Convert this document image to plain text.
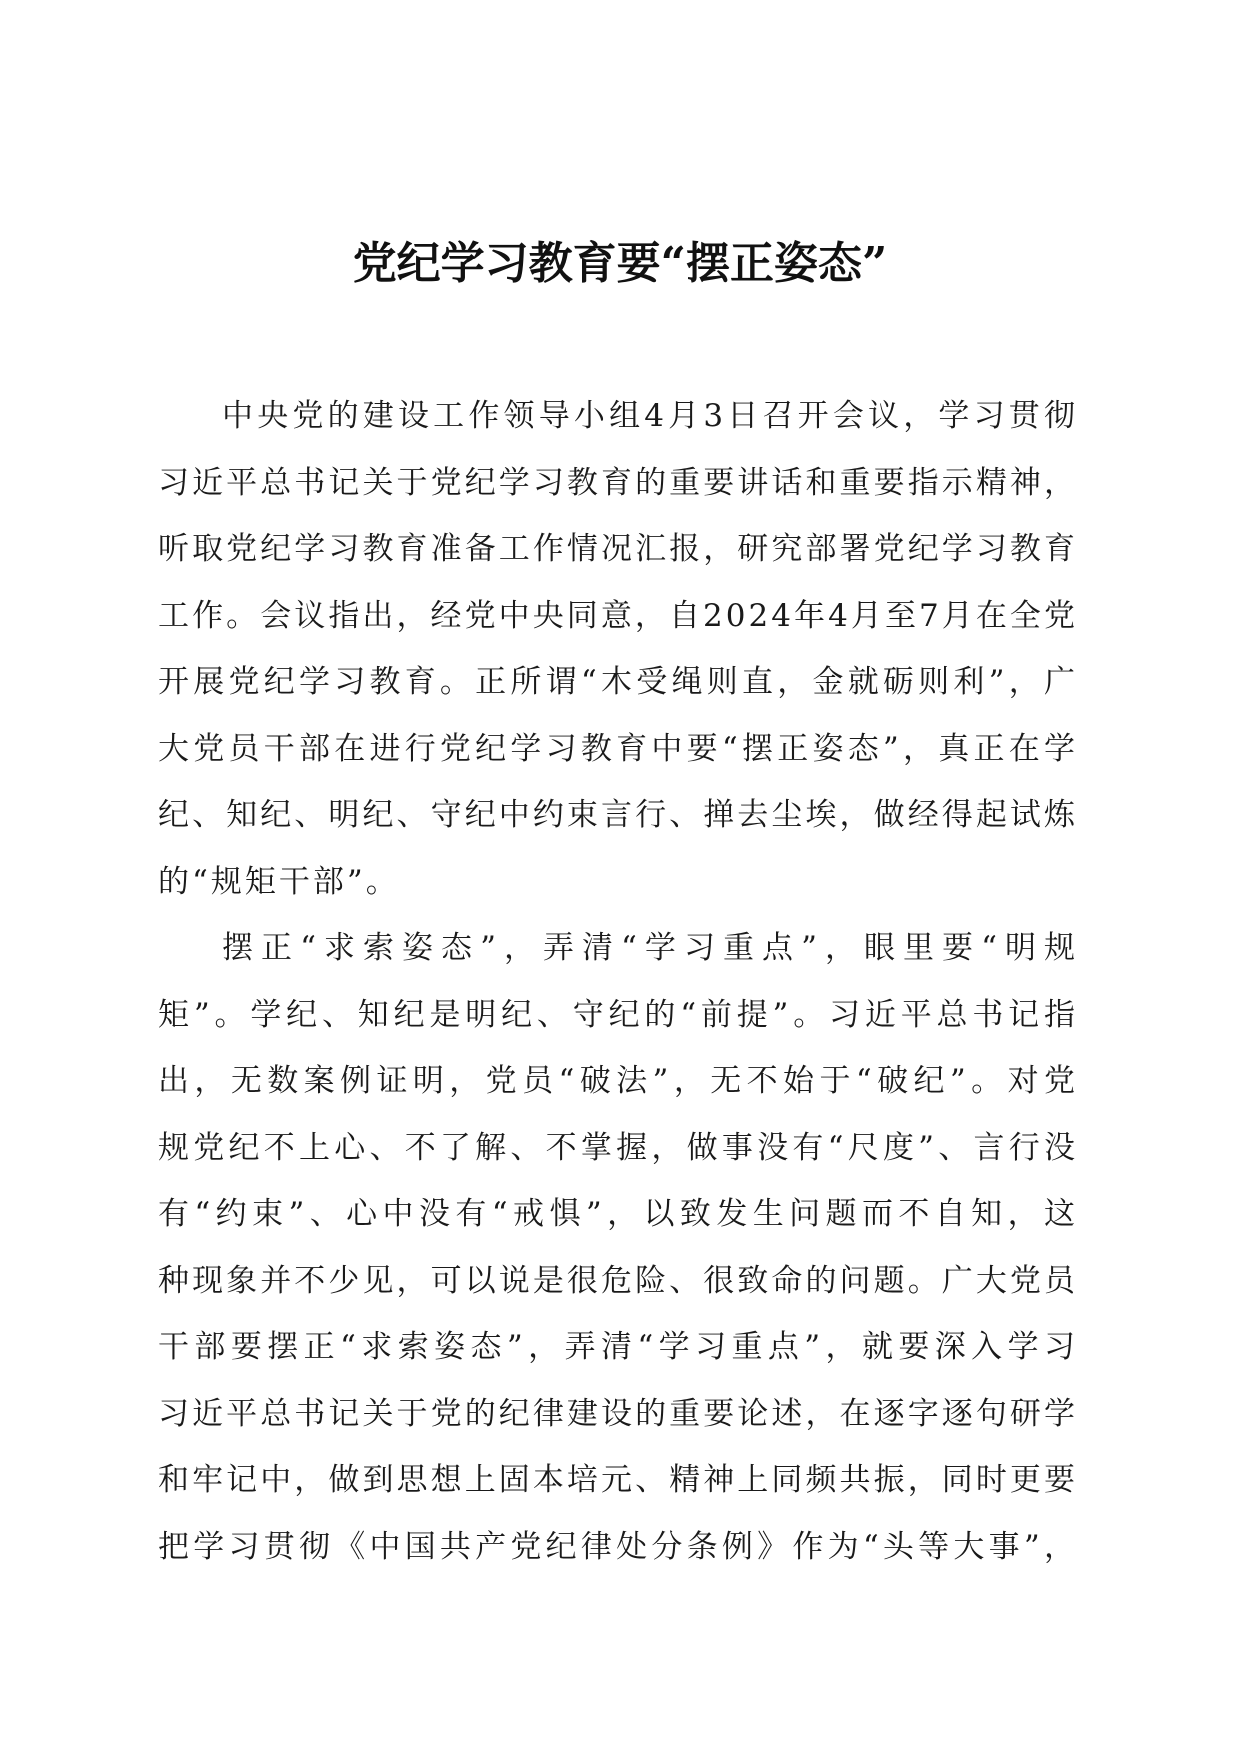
党纪学习教育要“摆正姿态”

中央党的建设工作领导小组4月3日召开会议，学习贯彻
习近平总书记关于党纪学习教育的重要讲话和重要指示精神，
听取党纪学习教育准备工作情况汇报，研究部署党纪学习教育
工作。会议指出，经党中央同意，自2024年4月至7月在全党
开展党纪学习教育。正所谓“木受绳则直，金就砺则利”，广
大党员干部在进行党纪学习教育中要“摆正姿态”，真正在学
纪、知纪、明纪、守纪中约束言行、掸去尘埃，做经得起试炼
的“规矩干部”。

摆正“求索姿态”，弄清“学习重点”，眼里要“明规
矩”。学纪、知纪是明纪、守纪的“前提”。习近平总书记指
出，无数案例证明，党员“破法”，无不始于“破纪”。对党
规党纪不上心、不了解、不掌握，做事没有“尺度”、言行没
有“约束”、心中没有“戒惧”，以致发生问题而不自知，这
种现象并不少见，可以说是很危险、很致命的问题。广大党员
干部要摆正“求索姿态”，弄清“学习重点”，就要深入学习
习近平总书记关于党的纪律建设的重要论述，在逐字逐句研学
和牢记中，做到思想上固本培元、精神上同频共振，同时更要
把学习贯彻《中国共产党纪律处分条例》作为“头等大事”，
